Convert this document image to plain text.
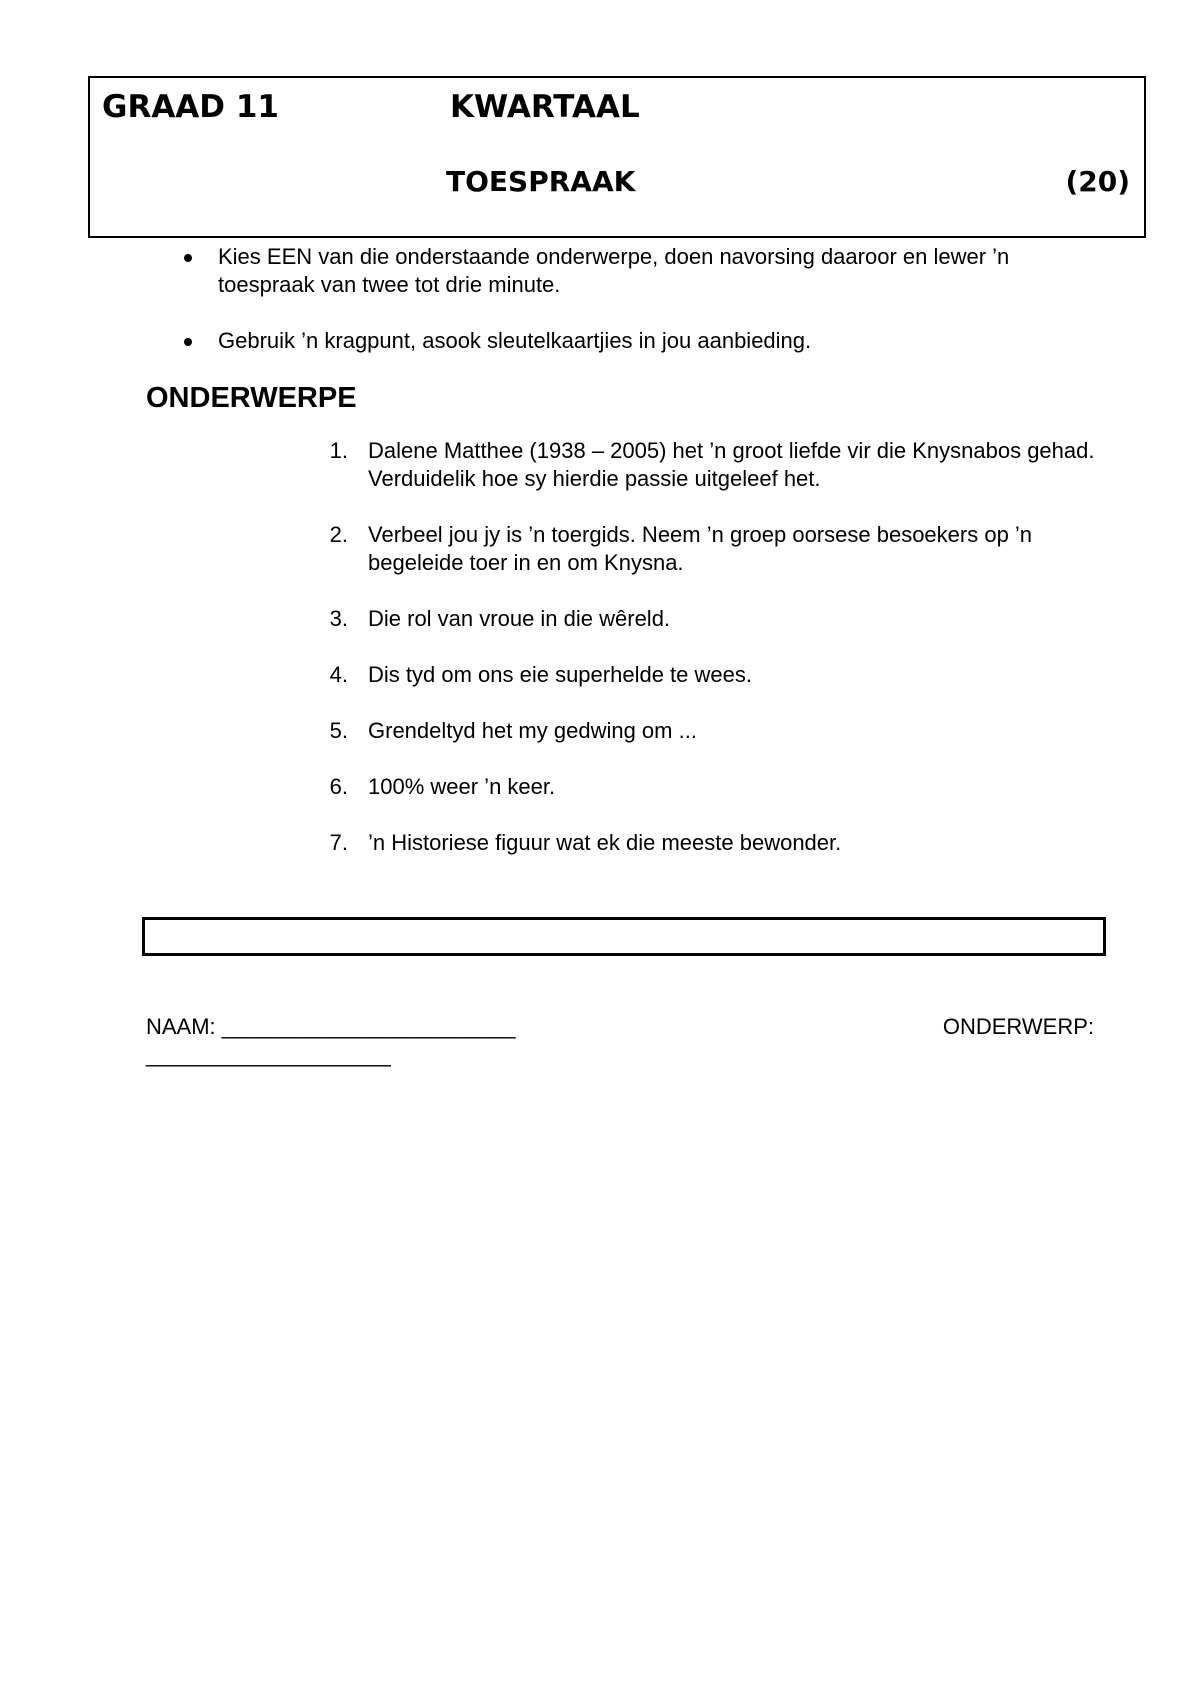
GRAAD 11	KWARTAAL
TOESPRAAK	(20)
Kies EEN van die onderstaande onderwerpe, doen navorsing daaroor en lewer ’n toespraak van twee tot drie minute.
Gebruik ’n kragpunt, asook sleutelkaartjies in jou aanbieding.
ONDERWERPE
1. Dalene Matthee (1938 – 2005) het ’n groot liefde vir die Knysnabos gehad. Verduidelik hoe sy hierdie passie uitgeleef het.
2. Verbeel jou jy is ’n toergids. Neem ’n groep oorsese besoekers op ’n begeleide toer in en om Knysna.
3. Die rol van vroue in die wêreld.
4. Dis tyd om ons eie superhelde te wees.
5. Grendeltyd het my gedwing om ...
6. 100% weer ’n keer.
7. ’n Historiese figuur wat ek die meeste bewonder.
NAAM: ________________________	ONDERWERP:
____________________
